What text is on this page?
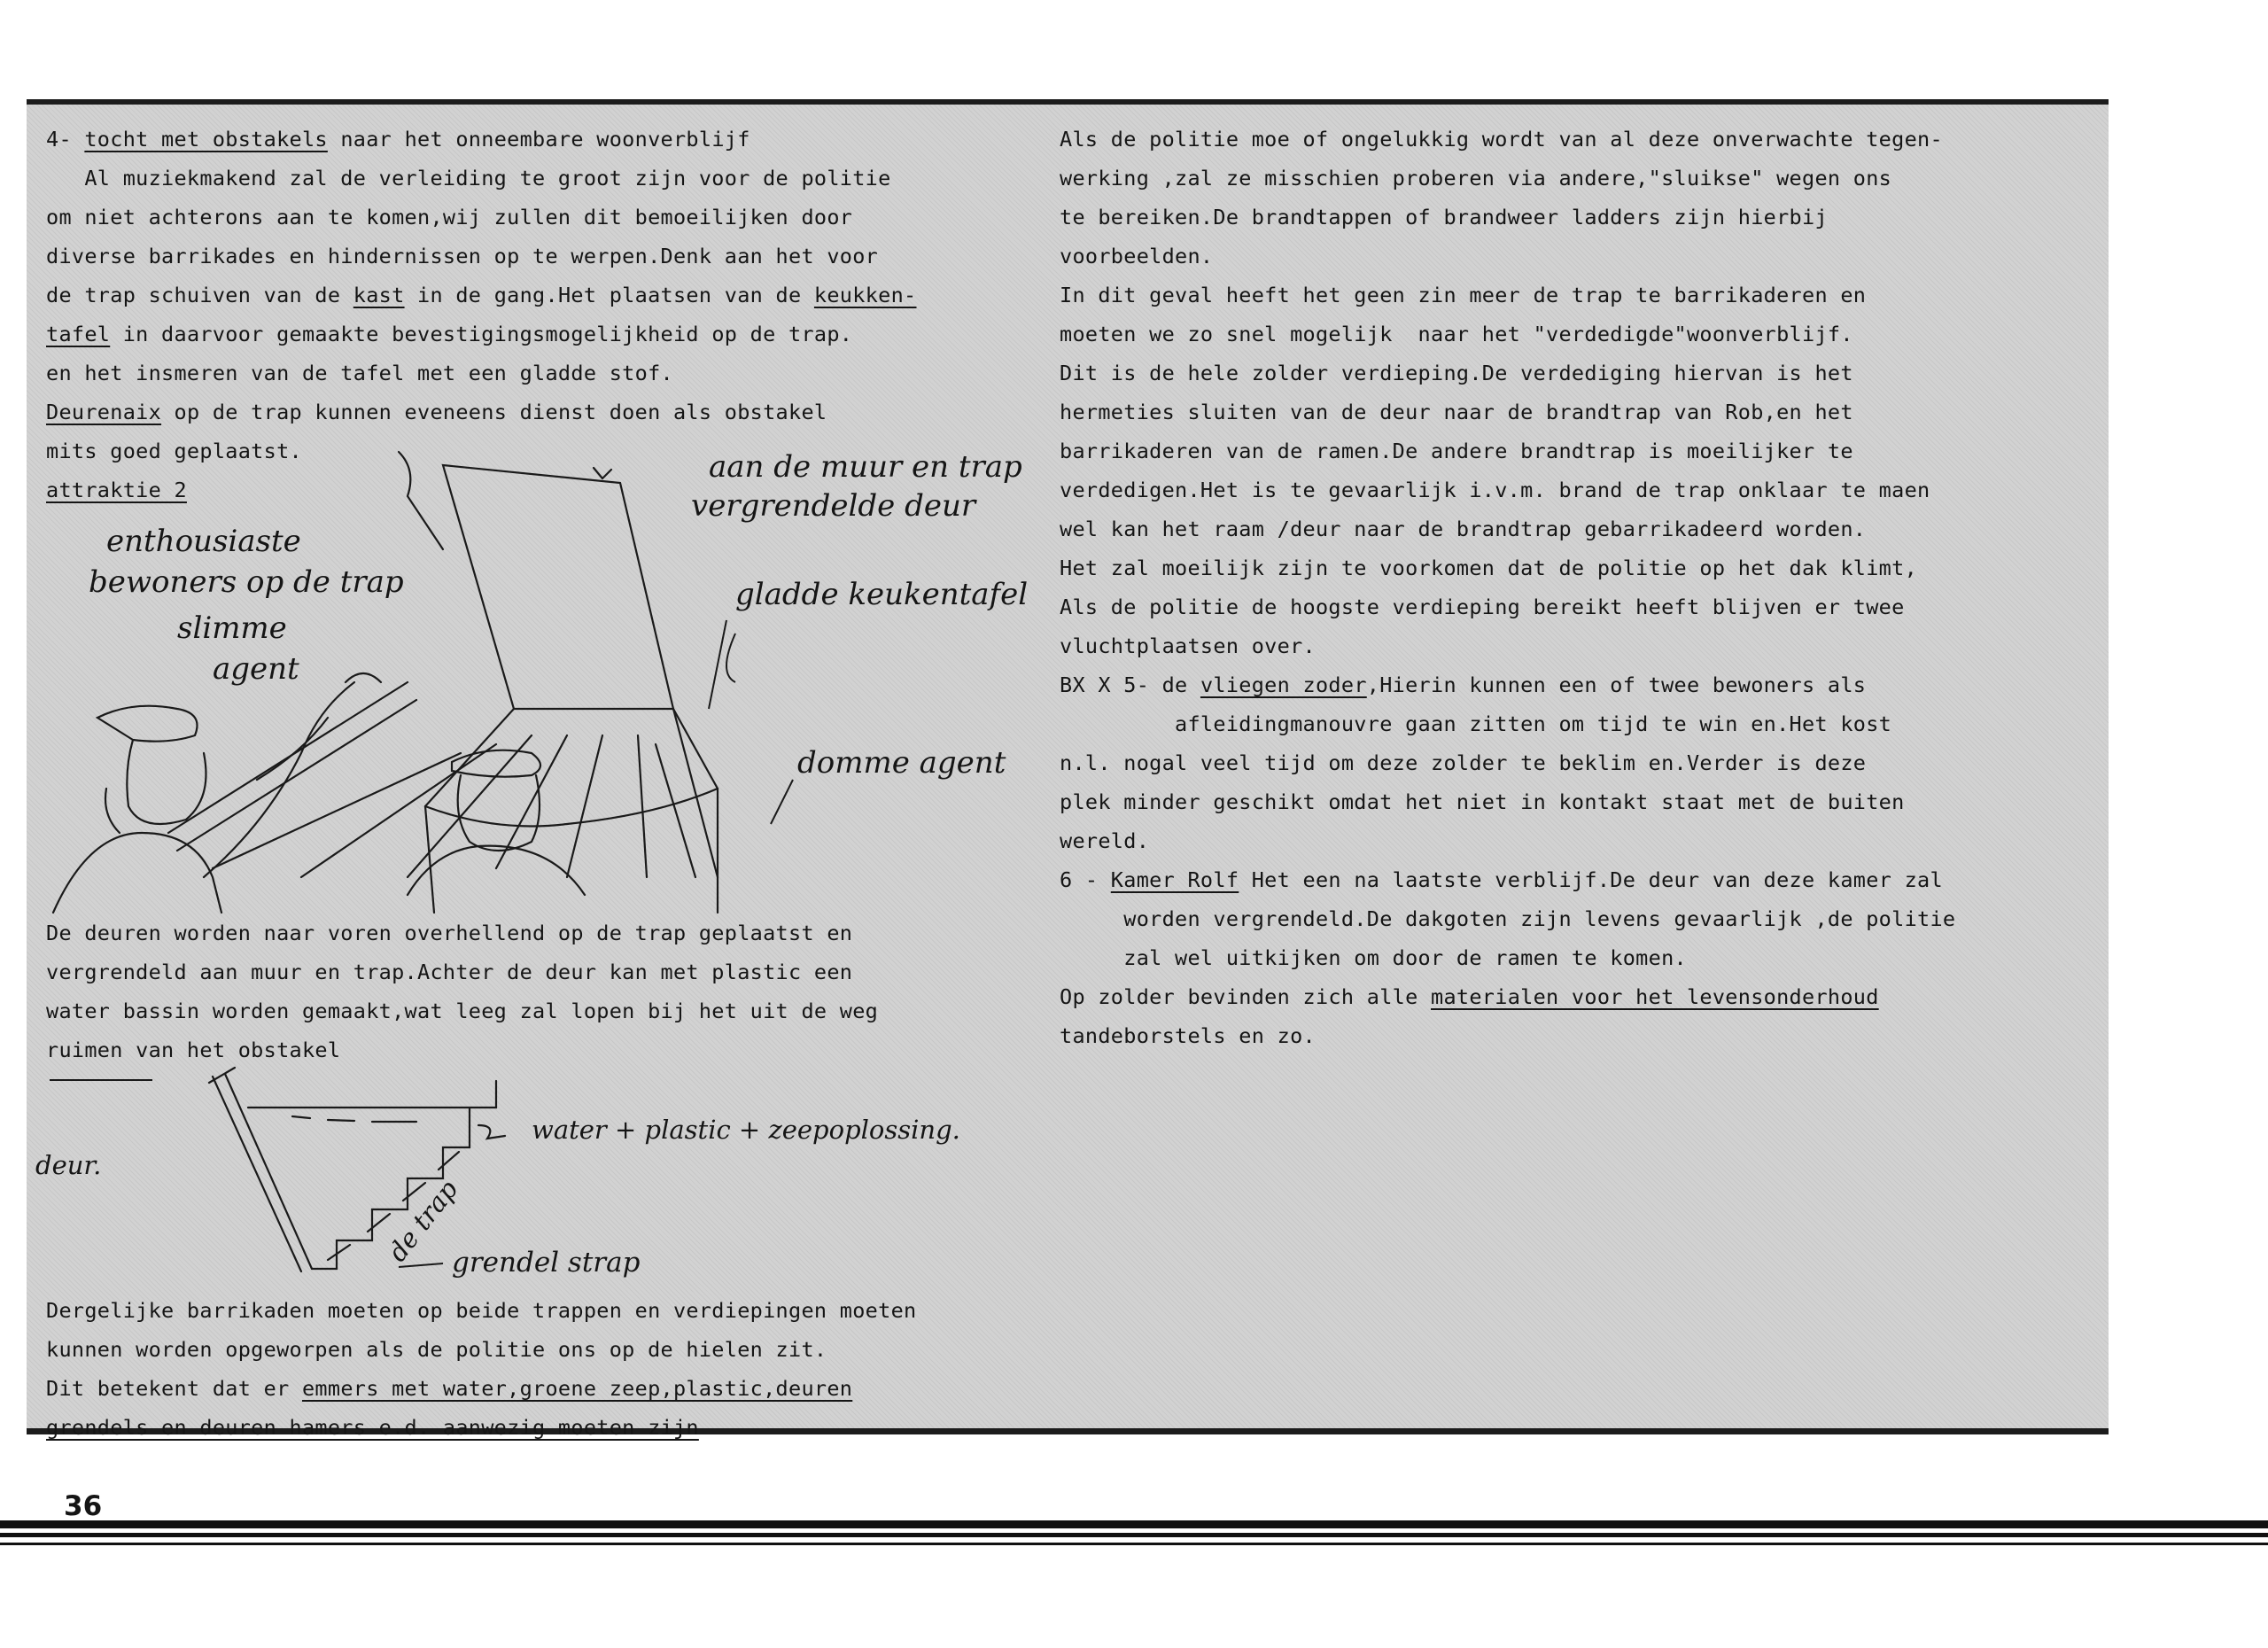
4- tocht met obstakels naar het onneembare woonverblijf
Al muziekmakend zal de verleiding te groot zijn voor de politie
om niet achterons aan te komen,wij zullen dit bemoeilijken door
diverse barrikades en hindernissen op te werpen.Denk aan het voor
de trap schuiven van de kast in de gang.Het plaatsen van de keukken-
tafel in daarvoor gemaakte bevestigingsmogelijkheid op de trap.
en het insmeren van de tafel met een gladde stof.
Deurenaix op de trap kunnen eveneens dienst doen als obstakel
mits goed geplaatst.
attraktie 2
De deuren worden naar voren overhellend op de trap geplaatst en
vergrendeld aan muur en trap.Achter de deur kan met plastic een
water bassin worden gemaakt,wat leeg zal lopen bij het uit de weg
ruimen van het obstakel
Dergelijke barrikaden moeten op beide trappen en verdiepingen moeten
kunnen worden opgeworpen als de politie ons op de hielen zit.
Dit betekent dat er emmers met water,groene zeep,plastic,deuren
grendels en deuren hamers e.d. aanwezig moeten zijn
Als de politie moe of ongelukkig wordt van al deze onverwachte tegen-
werking ,zal ze misschien proberen via andere,"sluikse" wegen ons
te bereiken.De brandtappen of brandweer ladders zijn hierbij
voorbeelden.
In dit geval heeft het geen zin meer de trap te barrikaderen en
moeten we zo snel mogelijk  naar het "verdedigde"woonverblijf.
Dit is de hele zolder verdieping.De verdediging hiervan is het
hermeties sluiten van de deur naar de brandtrap van Rob,en het
barrikaderen van de ramen.De andere brandtrap is moeilijker te
verdedigen.Het is te gevaarlijk i.v.m. brand de trap onklaar te maen
wel kan het raam /deur naar de brandtrap gebarrikadeerd worden.
Het zal moeilijk zijn te voorkomen dat de politie op het dak klimt,
Als de politie de hoogste verdieping bereikt heeft blijven er twee
vluchtplaatsen over.
BX X 5- de vliegen zoder,Hierin kunnen een of twee bewoners als
afleidingmanouvre gaan zitten om tijd te win en.Het kost
n.l. nogal veel tijd om deze zolder te beklim en.Verder is deze
plek minder geschikt omdat het niet in kontakt staat met de buiten
wereld.
6 - Kamer Rolf Het een na laatste verblijf.De deur van deze kamer zal
worden vergrendeld.De dakgoten zijn levens gevaarlijk ,de politie
zal wel uitkijken om door de ramen te komen.
Op zolder bevinden zich alle materialen voor het levensonderhoud
tandeborstels en zo.
aan de muur en trap
vergrendelde deur
enthousiaste
bewoners op de trap
slimme
agent
gladde keukentafel
domme agent
water + plastic + zeepoplossing.
deur.
de trap
grendel strap
36
